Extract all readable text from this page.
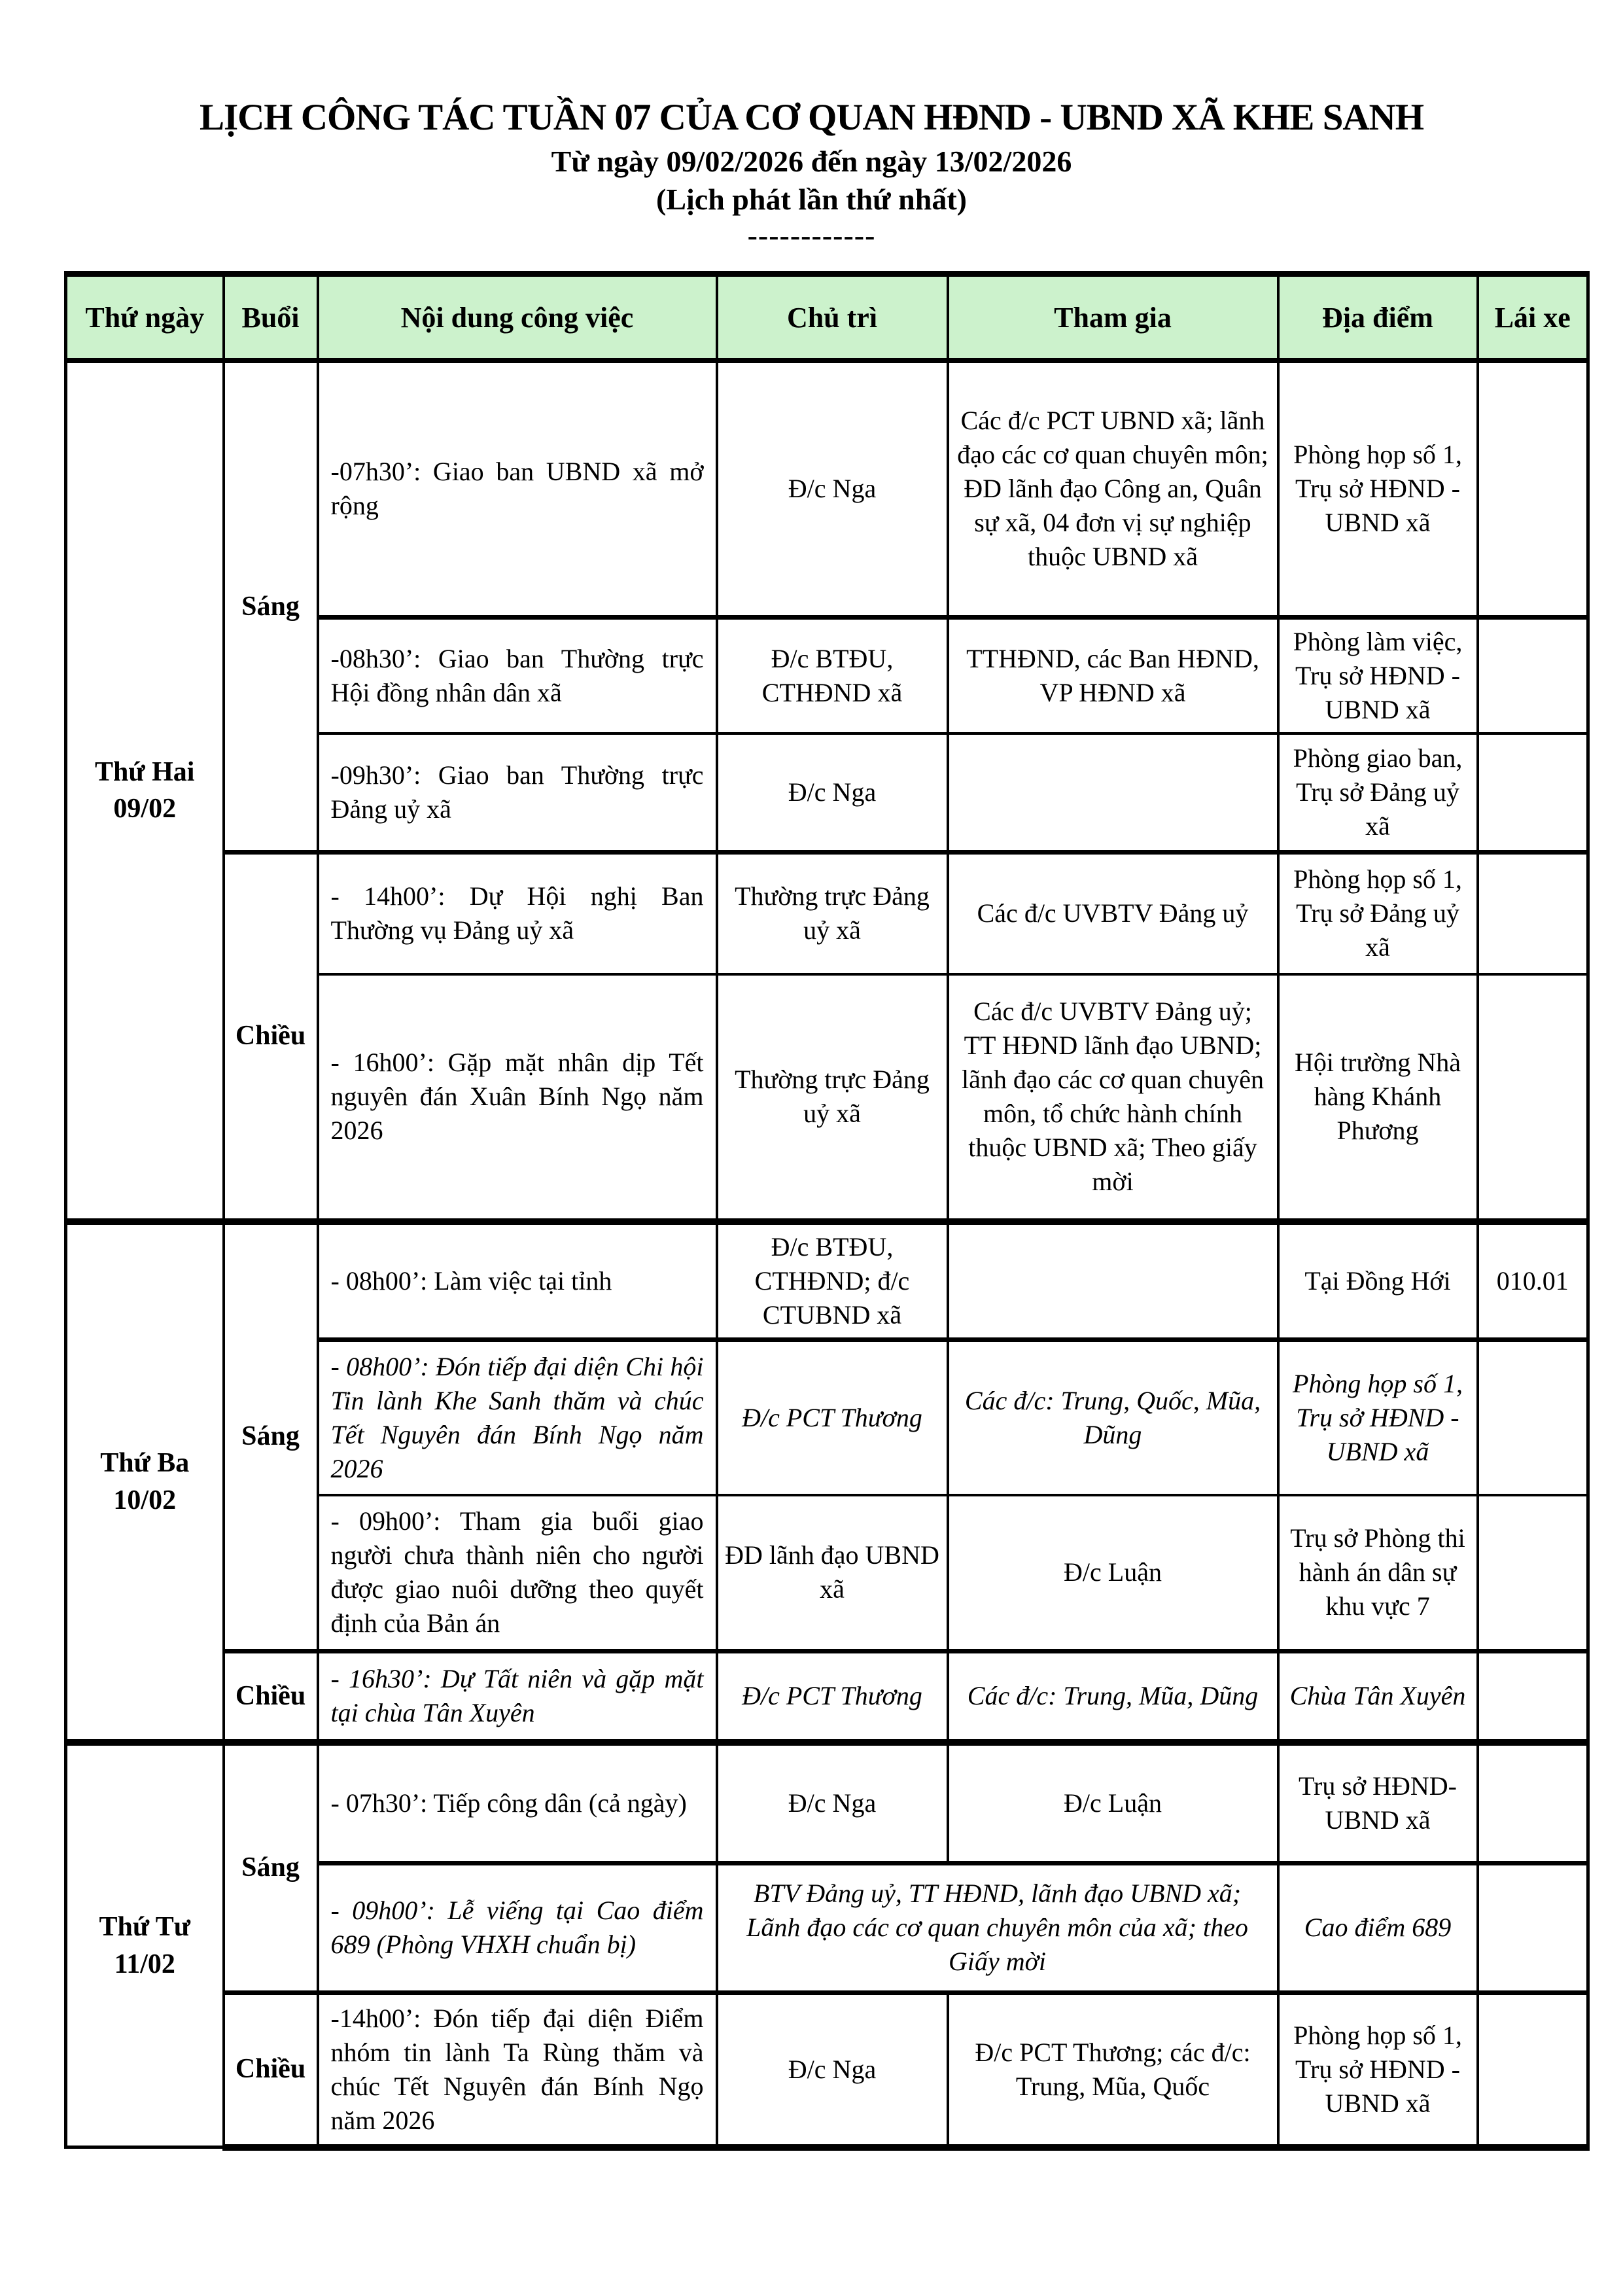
LỊCH CÔNG TÁC TUẦN 07 CỦA CƠ QUAN HĐND - UBND XÃ KHE SANH
Từ ngày 09/02/2026 đến ngày 13/02/2026
(Lịch phát lần thứ nhất)
------------
Thứ ngày	Buổi	Nội dung công việc	Chủ trì	Tham gia	Địa điểm	Lái xe
Thứ Hai
09/02	Sáng	-07h30’: Giao ban UBND xã mở rộng	Đ/c Nga	Các đ/c PCT UBND xã; lãnh đạo các cơ quan chuyên môn; ĐD lãnh đạo Công an, Quân sự xã, 04 đơn vị sự nghiệp thuộc UBND xã	Phòng họp số 1, Trụ sở HĐND - UBND xã	
		-08h30’: Giao ban Thường trực Hội đồng nhân dân xã	Đ/c BTĐU, CTHĐND xã	TTHĐND, các Ban HĐND, VP HĐND xã	Phòng làm việc, Trụ sở HĐND - UBND xã	
		-09h30’: Giao ban Thường trực Đảng uỷ xã	Đ/c Nga		Phòng giao ban, Trụ sở Đảng uỷ xã	
	Chiều	- 14h00’: Dự Hội nghị Ban Thường vụ Đảng uỷ xã	Thường trực Đảng uỷ xã	Các đ/c UVBTV Đảng uỷ	Phòng họp số 1, Trụ sở Đảng uỷ xã	
		- 16h00’: Gặp mặt nhân dịp Tết nguyên đán Xuân Bính Ngọ năm 2026	Thường trực Đảng uỷ xã	Các đ/c UVBTV Đảng uỷ; TT HĐND lãnh đạo UBND; lãnh đạo các cơ quan chuyên môn, tổ chức hành chính thuộc UBND xã; Theo giấy mời	Hội trường Nhà hàng Khánh Phương	
Thứ Ba
10/02	Sáng	- 08h00’: Làm việc tại tỉnh	Đ/c BTĐU, CTHĐND; đ/c CTUBND xã		Tại Đồng Hới	010.01
		- 08h00’: Đón tiếp đại diện Chi hội Tin lành Khe Sanh thăm và chúc Tết Nguyên đán Bính Ngọ năm 2026	Đ/c PCT Thương	Các đ/c: Trung, Quốc, Mũa, Dũng	Phòng họp số 1, Trụ sở HĐND - UBND xã	
		- 09h00’: Tham gia buổi giao người chưa thành niên cho người được giao nuôi dưỡng theo quyết định của Bản án	ĐD lãnh đạo UBND xã	Đ/c Luận	Trụ sở Phòng thi hành án dân sự khu vực 7	
	Chiều	- 16h30’: Dự Tất niên và gặp mặt tại chùa Tân Xuyên	Đ/c PCT Thương	Các đ/c: Trung, Mũa, Dũng	Chùa Tân Xuyên	
Thứ Tư
11/02	Sáng	- 07h30’: Tiếp công dân (cả ngày)	Đ/c Nga	Đ/c Luận	Trụ sở HĐND- UBND xã	
		- 09h00’: Lễ viếng tại Cao điểm 689 (Phòng VHXH chuẩn bị)	BTV Đảng uỷ, TT HĐND, lãnh đạo UBND xã; Lãnh đạo các cơ quan chuyên môn của xã; theo Giấy mời		Cao điểm 689	
	Chiều	-14h00’: Đón tiếp đại diện Điểm nhóm tin lành Ta Rùng thăm và chúc Tết Nguyên đán Bính Ngọ năm 2026	Đ/c Nga	Đ/c PCT Thương; các đ/c: Trung, Mũa, Quốc	Phòng họp số 1, Trụ sở HĐND - UBND xã	
